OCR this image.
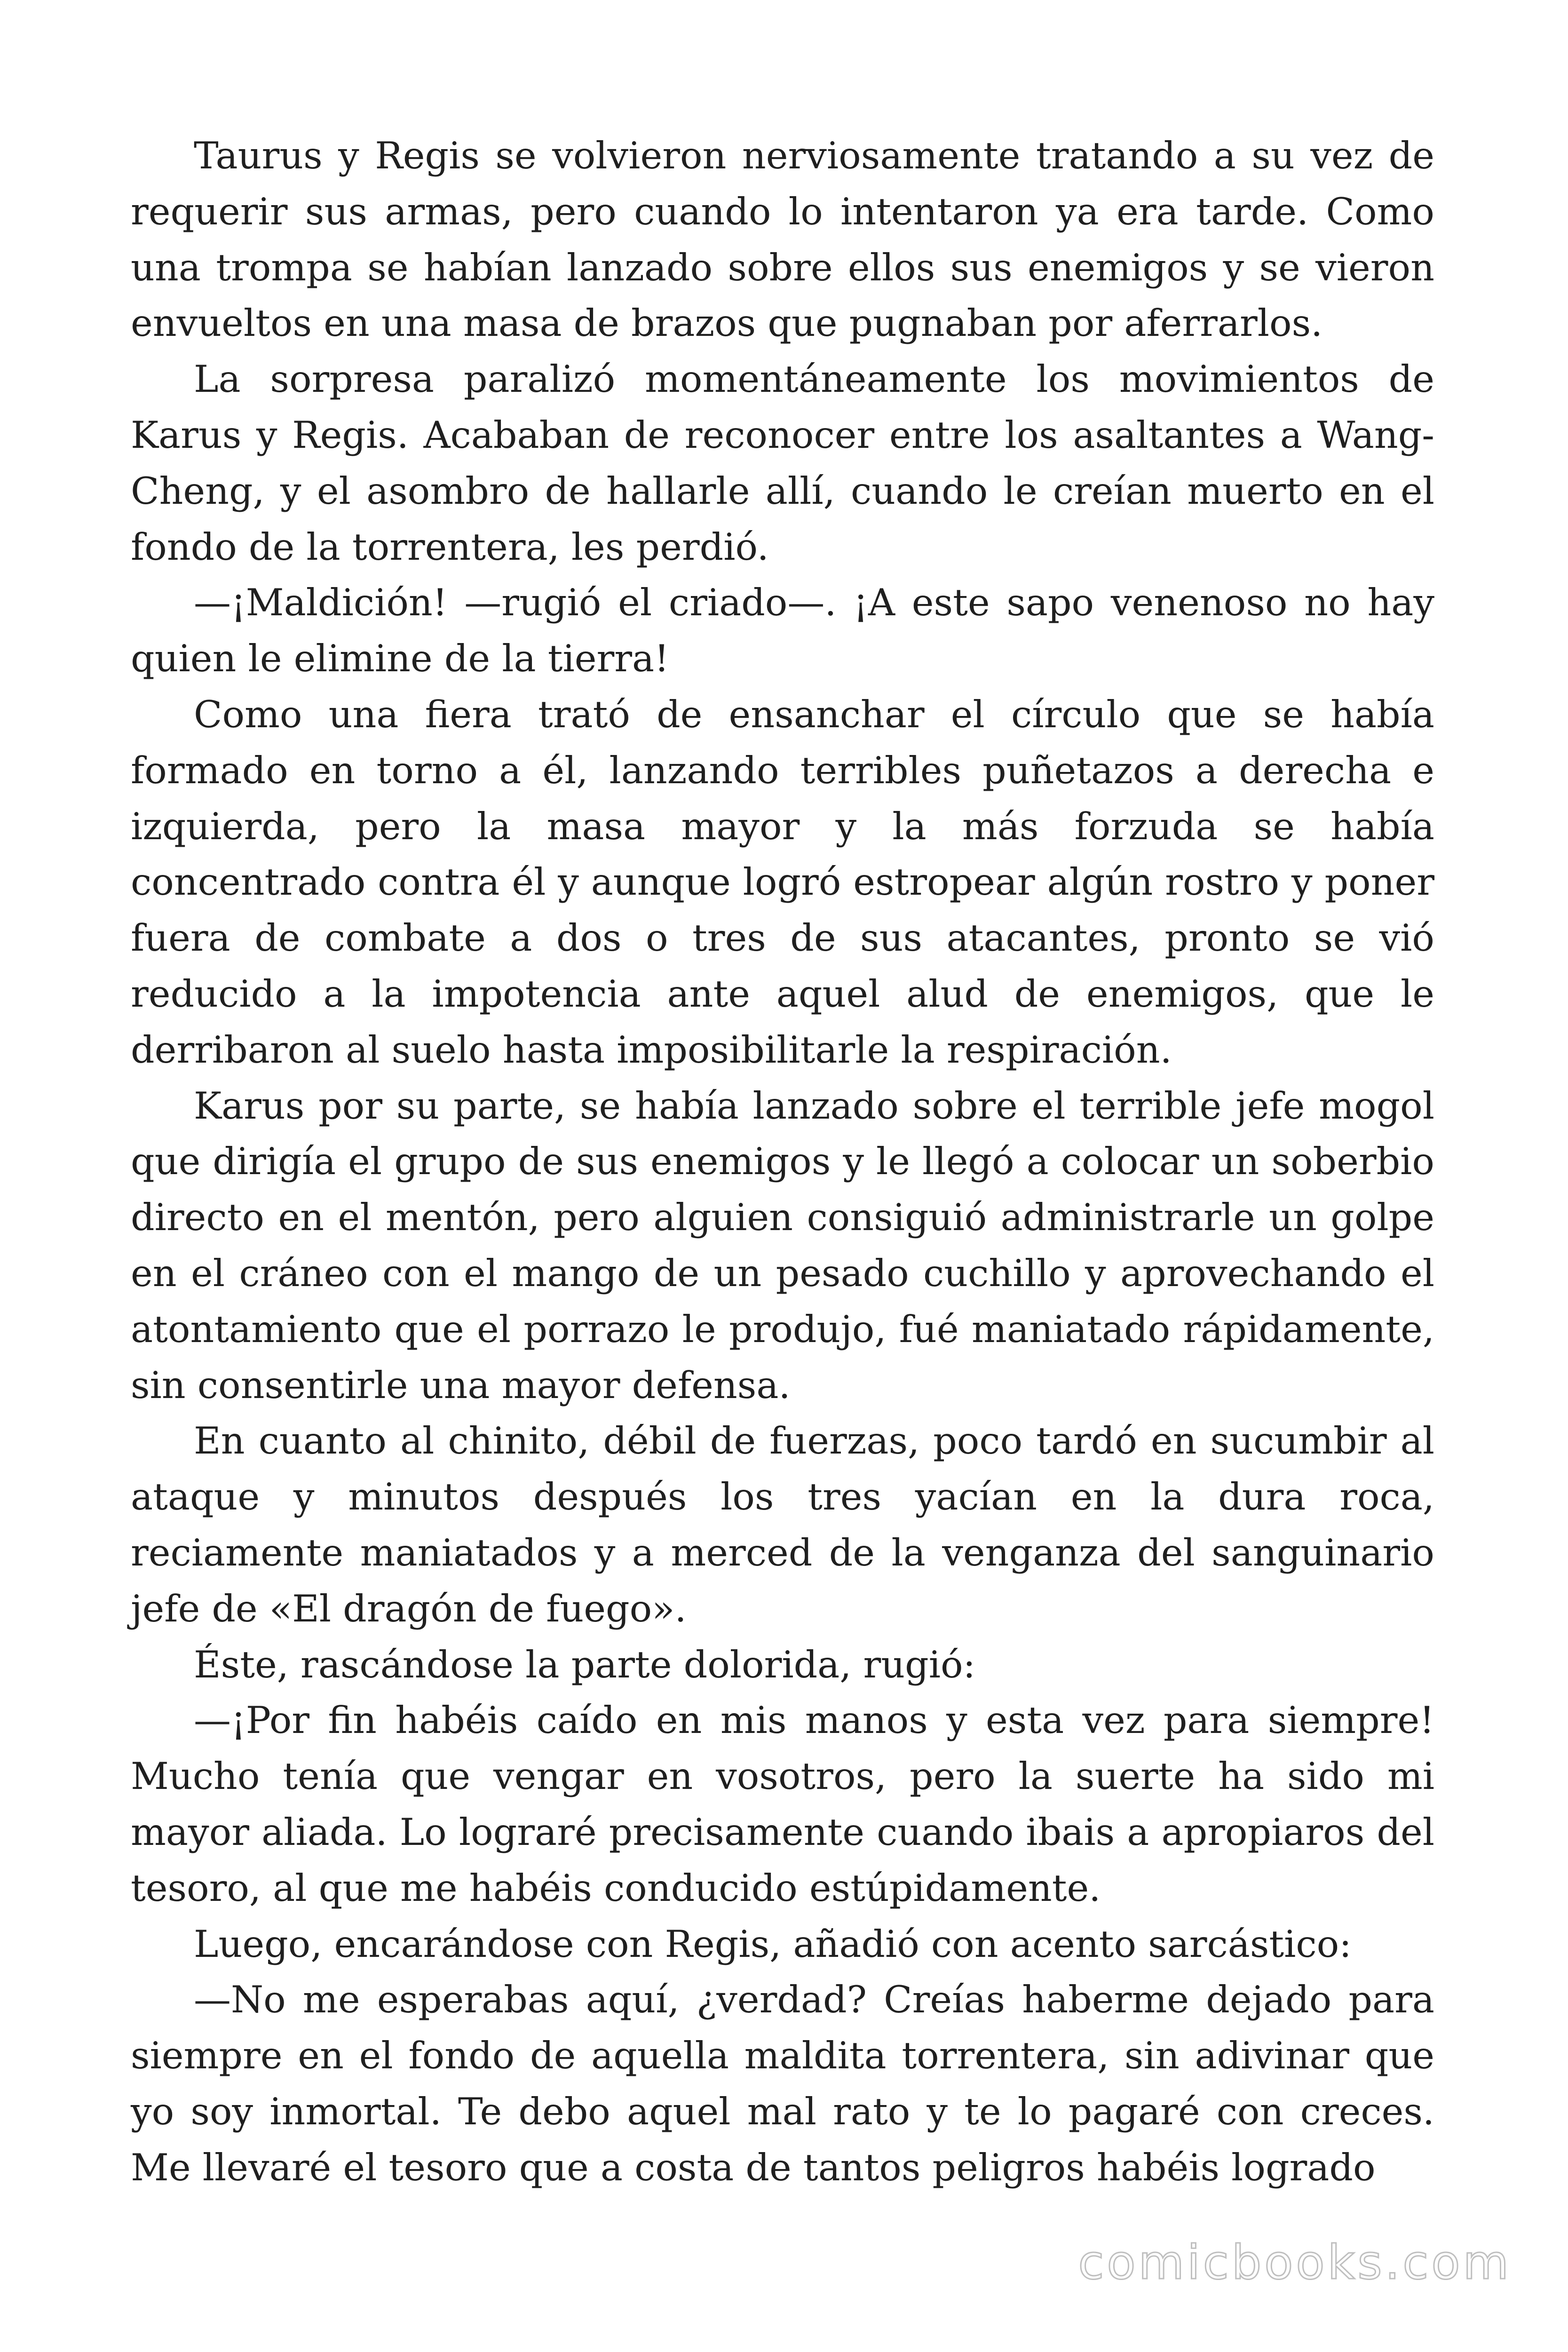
Taurus y Regis se volvieron nerviosamente tratando a su vez de requerir sus armas, pero cuando lo intentaron ya era tarde. Como una trompa se habían lanzado sobre ellos sus enemigos y se vieron envueltos en una masa de brazos que pugnaban por aferrarlos.

La sorpresa paralizó momentáneamente los movimientos de Karus y Regis. Acababan de reconocer entre los asaltantes a Wang-Cheng, y el asombro de hallarle allí, cuando le creían muerto en el fondo de la torrentera, les perdió.

—¡Maldición! —rugió el criado—. ¡A este sapo venenoso no hay quien le elimine de la tierra!

Como una fiera trató de ensanchar el círculo que se había formado en torno a él, lanzando terribles puñetazos a derecha e izquierda, pero la masa mayor y la más forzuda se había concentrado contra él y aunque logró estropear algún rostro y poner fuera de combate a dos o tres de sus atacantes, pronto se vió reducido a la impotencia ante aquel alud de enemigos, que le derribaron al suelo hasta imposibilitarle la respiración.

Karus por su parte, se había lanzado sobre el terrible jefe mogol que dirigía el grupo de sus enemigos y le llegó a colocar un soberbio directo en el mentón, pero alguien consiguió administrarle un golpe en el cráneo con el mango de un pesado cuchillo y aprovechando el atontamiento que el porrazo le produjo, fué maniatado rápidamente, sin consentirle una mayor defensa.

En cuanto al chinito, débil de fuerzas, poco tardó en sucumbir al ataque y minutos después los tres yacían en la dura roca, reciamente maniatados y a merced de la venganza del sanguinario jefe de «El dragón de fuego».

Éste, rascándose la parte dolorida, rugió:

—¡Por fin habéis caído en mis manos y esta vez para siempre! Mucho tenía que vengar en vosotros, pero la suerte ha sido mi mayor aliada. Lo lograré precisamente cuando ibais a apropiaros del tesoro, al que me habéis conducido estúpidamente.

Luego, encarándose con Regis, añadió con acento sarcástico:

—No me esperabas aquí, ¿verdad? Creías haberme dejado para siempre en el fondo de aquella maldita torrentera, sin adivinar que yo soy inmortal. Te debo aquel mal rato y te lo pagaré con creces. Me llevaré el tesoro que a costa de tantos peligros habéis logrado

comicbooks.com
